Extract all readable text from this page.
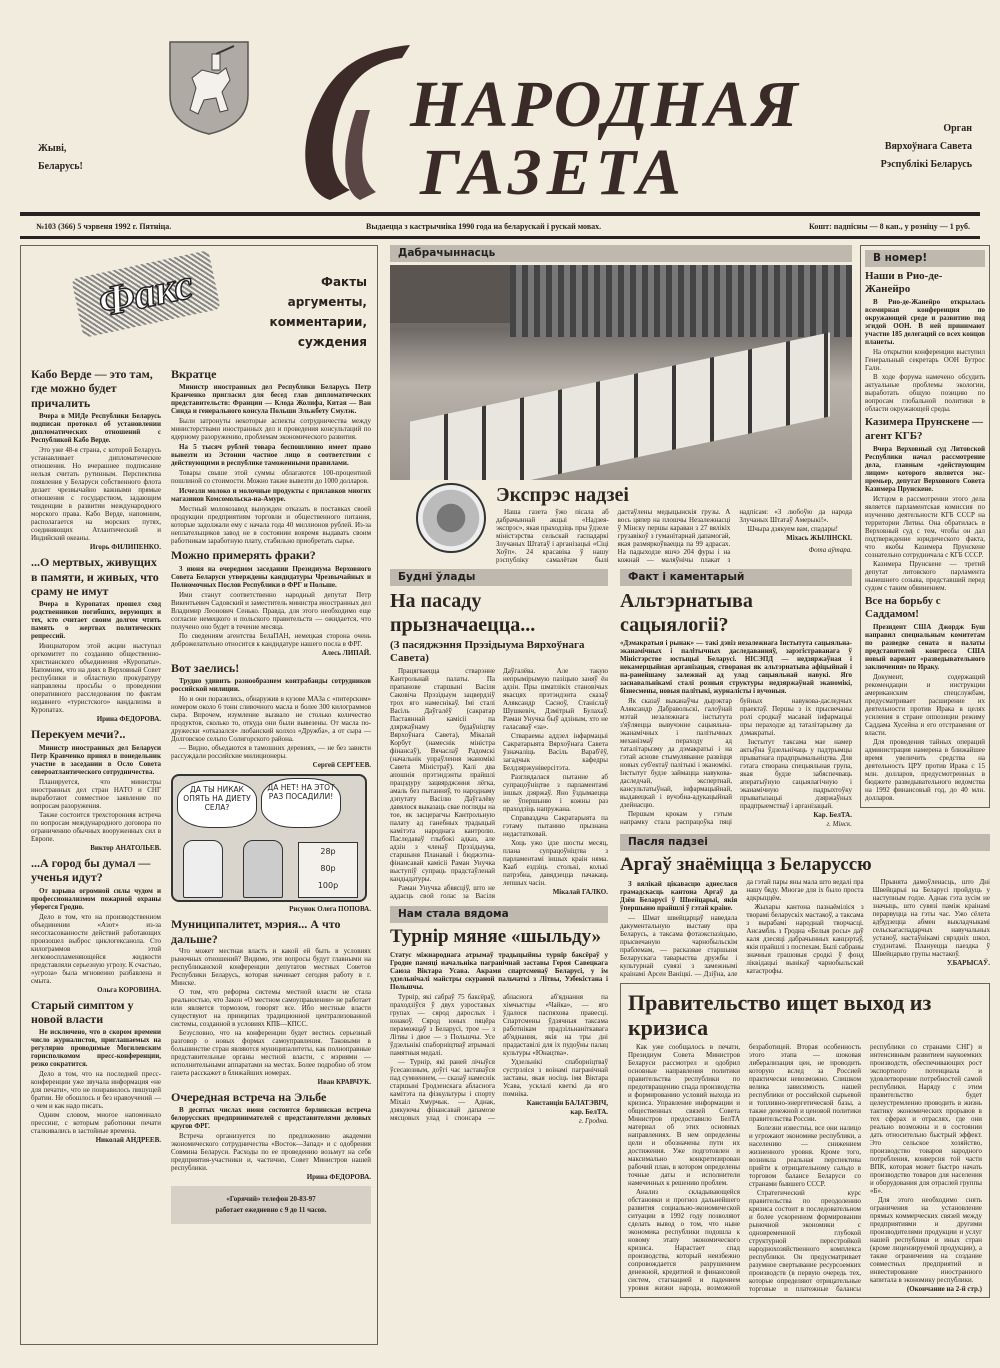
Жыві,
Беларусь!
НАРОДНАЯ
ГАЗЕТА
Орган
Вярхоўнага Савета
Рэспублікі Беларусь
№103 (366) 5 чэрвеня 1992 г. Пятніца.	Выдаецца з кастрычніка 1990 года на беларускай і рускай мовах.	Кошт: падпісны — 8 кап., у розніцу — 1 руб.
Факс	Факты
аргументы,
комментарии,
суждения
Кабо Верде — это там, где можно будет причалить
Вчера в МИДе Республики Беларусь подписан протокол об установлении дипломатических отношений с Республикой Кабо Верде.

Это уже 48-я страна, с которой Беларусь устанавливает дипломатические отношения. Но вчерашнее подписание нельзя считать рутинным. Перспектива появления у Беларуси собственного флота делает чрезвычайно важными прямые отношения с государством, задающим тенденции в развитии международного морского права. Кабо Верде, напомним, располагается на морских путях, соединяющих Атлантический и Индийский океаны.

Игорь ФИЛИПЕНКО.
...О мертвых, живущих в памяти, и живых, что сраму не имут
Вчера в Куропатах прошел сход родственников погибших, верующих и тех, кто считает своим долгом чтить память о жертвах политических репрессий.

Инициатором этой акции выступал оргкомитет по созданию общественно-христианского объединения «Куропаты». Напомним, что на днях в Верховный Совет республики и областную прокуратуру направлены просьбы о проведении оперативного расследования по фактам недавнего «туристского» вандализма в Куропатах.

Ирина ФЕДОРОВА.
Перекуем мечи?..
Министр иностранных дел Беларуси Петр Кравченко принял в понедельник участие в заседании в Осло Совета североатлантического сотрудничества.

Планируется, что министры иностранных дел стран НАТО и СНГ выработают совместное заявление по вопросам разоружения.

Также состоится трехсторонняя встреча по вопросам международного договора по ограничению обычных вооруженных сил в Европе.

Виктор АНАТОЛЬЕВ.
...А город бы думал — ученья идут?
От взрыва огромной силы чудом и профессионализмом пожарной охраны уберегся Гродно.

Дело в том, что на производственном объединении «Азот» из-за несогласованности действий работающих произошел выброс циклогексанола. Сто килограммов этой легковоспламеняющейся жидкости представляли серьезную угрозу. К счастью, «угроза» была мгновенно разбавлена и смыта.

Ольга КОРОВИНА.
Старый симптом у новой власти
Не исключено, что в скором времени число журналистов, приглашаемых на регулярно проводимые Могилевским горисполкомом пресс-конференции, резко сократится.

Дело в том, что на последней пресс-конференции уже звучала информация «не для печати», что не понравилось пишущей братии. Не обошлось и без нравоучений — о чем и как надо писать.

Одним словом, многое напоминало прессинг, с которым работники печати сталкивались в застойные времена.

Николай АНДРЕЕВ.
Вкратце
Министр иностранных дел Республики Беларусь Петр Кравченко пригласил для бесед глав дипломатических представительств: Франции — Клода Жолифа, Китая — Ван Синда и генерального консула Польши Эльжбету Смулэк.

Были затронуты некоторые аспекты сотрудничества между министерствами иностранных дел и проведения консультаций по ядерному разоружению, проблемам экономического развития.

На 5 тысяч рублей товара беспошлинно имеет право вывезти из Эстонии частное лицо в соответствии с действующими в республике таможенными правилами.

Товары свыше этой суммы облагаются 100-процентной пошлиной со стоимости. Можно также вывезти до 1000 долларов.

Исчезли молоко и молочные продукты с прилавков многих магазинов Комсомольска-на-Амуре.

Местный молокозавод вынужден отказать в поставках своей продукции предприятиям торговли и общественного питания, которые задолжали ему с начала года 40 миллионов рублей. Из-за неплательщиков завод не в состоянии вовремя выдавать своим работникам заработную плату, стабильно приобретать сырье.

Можно примерять фраки?
3 июня на очередном заседании Президиума Верховного Совета Беларуси утверждены кандидатуры Чрезвычайных и Полномочных Послов Республики в ФРГ и Польше.

Ими станут соответственно народный депутат Петр Викентьевич Садовский и заместитель министра иностранных дел Владимир Леонович Сенько. Правда, для этого необходимо еще согласие немецкого и польского правительств — ожидается, что получено оно будет в течение месяца.

По сведениям агентства БелаПАН, немецкая сторона очень доброжелательно относится к кандидатуре нашего посла в ФРГ.

Алесь ЛИПАЙ.
Вот заелись!
Трудно удивить разнообразием контрабанды сотрудников российской милиции.

Но и они поразились, обнаружив в кузове МАЗа с «питерским» номером около 6 тонн сливочного масла и более 300 килограммов сыра. Впрочем, изумление вызвало не столько количество продуктов, сколько то, откуда они были вывезены. От масла по-дружески «отказался» любанский колхоз «Дружба», а от сыра — Долговское сельпо Солигорского района.

— Видно, объедаются в тамошних деревнях, — не без зависти рассуждали российские милиционеры.

Сергей СЕРГЕЕВ.
ДА ТЫ НИКАК ОПЯТЬ НА ДИЕТУ СЕЛА?
ДА НЕТ! НА ЭТОТ РАЗ ПОСАДИЛИ!
28р
80р
100р
Рисунок Олега ПОПОВА.
Муниципалитет, мэрия... А что дальше?

Что может местная власть и какой ей быть в условиях рыночных отношений? Видимо, эти вопросы будут главными на республиканской конференции депутатов местных Советов Республики Беларусь, которая начинает сегодня работу в г. Минске.

О том, что реформа системы местной власти не стала реальностью, что Закон «О местном самоуправлении» не работает или является тормозом, говорят все. Ибо местные власти существуют на принципах традиционной централизованной системы, созданной в условиях КПБ—КПСС.

Безусловно, что на конференции будет вестись серьезный разговор о новых формах самоуправления. Таковыми в большинстве стран являются муниципалитеты, как полноправные представительные органы местной власти, с мэриями — исполнительными аппаратами на местах. Более подробно об этом газета расскажет в ближайших номерах.

Иван КРАВЧУК.
Очередная встреча на Эльбе
В десятых числах июня состоится берлинская встреча белорусских предпринимателей с представителями деловых кругов ФРГ.

Встреча организуется по предложению академии экономического сотрудничества «Восток—Запад» и с одобрения Совмина Беларуси. Расходы по ее проведению возьмут на себя предприятия-участники и, частично, Совет Министров нашей республики.

Ирина ФЕДОРОВА.
«Горячий» телефон 20-83-97
работает ежедневно с 9 до 11 часов.
Дабрачыннасць
Экспрэс надзеі

Наша газета ўжо пісала аб дабрачыннай акцыі «Надзея-экспрэс», якая праходзіць пры ўдзеле міністэрства сельскай гаспадаркі Злучаных Штатаў і арганізацыі «Сіці Хоўп». 24 красавіка ў нашу рэспубліку самалётам былі дастаўлены медыцынскія грузы. А вось цяпер на плошчы Незалежнасці ў Мінску першы караван з 27 вялікіх грузавікоў з гуманітарнай дапамогай, якая размяркоўваецца па 99 адрасах. На падыходзе яшчэ 204 фуры і на кожнай — маляўнічы плакат з надпісам: «З любоўю да народа Злучаных Штатаў Амерыкі!».

Шчыра дзякуем вам, спадары!

Міхась ЖЫЛІНСКІ.
Фота аўтара.
В номер!
Наши в Рио-де-Жанейро
В Рио-де-Жанейро открылась всемирная конференция по окружающей среде и развитию под эгидой ООН. В ней принимают участие 185 делегаций со всех концов планеты.

На открытии конференции выступил Генеральный секретарь ООН Бутрос Гали.

В ходе форума намечено обсудить актуальные проблемы экологии, выработать общую позицию по вопросам глобальной политики в области окружающей среды.

Казимера Прунскене — агент КГБ?
Вчера Верховный суд Литовской Республики начал рассмотрение дела, главным «действующим лицом» которого является экс-премьер, депутат Верховного Совета Казимера Прунскене.

Истцом в рассмотрении этого дела является парламентская комиссия по изучению деятельности КГБ СССР на территории Литвы. Она обратилась в Верховный суд с тем, чтобы он дал подтверждение юридического факта, что якобы Казимера Прунскене сознательно сотрудничала с КГБ СССР.

Казимера Прунскене — третий депутат литовского парламента нынешнего созыва, представший перед судом с таким обвинением.

Все на борьбу с Саддамом!
Президент США Джордж Буш направил специальным комитетам по разведке сената и палаты представителей конгресса США новый вариант «разведывательного заключения» по Ираку.

Документ, содержащий рекомендации и инструкции американским спецслужбам, предусматривает расширение их деятельности против Ирака в целях усиления в стране оппозиции режиму Саддама Хусейна и его отстранения от власти.

Для проведения тайных операций администрация намерена в ближайшее время увеличить средства на деятельность ЦРУ против Ирака с 15 млн. долларов, предусмотренных в бюджете разведывательного ведомства на 1992 финансовый год, до 40 млн. долларов.

Будні ўлады
На пасаду прызначаецца...
(З пасяджэння Прэзідыума Вярхоўнага Савета)

Працягваецца стварэнне Кантрольнай палаты. Па прапанове старшыні Васіля Саковіча Прэзідыум зацвердзіў трох яго намеснікаў. Імі сталі Васіль Даўгалёў (сакратар Пастаяннай камісіі па дзяржаўнаму будаўніцтву Вярхоўнага Савета), Мікалай Корбут (намеснік міністра фінансаў), Вячаслаў Радомскі (начальнік упраўлення эканомікі Савета Міністраў). Калі два апошнія прэтэндэнты прайшлі працэдуру зацвярджэння лёгка, амаль без пытанняў, то народнаму дэпутату Васілю Даўгалёву давялося выказаць свае погляды на тое, як засцерагчы Кантрольную палату ад ганебных традыцый камітэта народнага кантролю. Паследаваў глыбокі адказ, але адзін з членаў Прэзідыума, старшыня Планавай і бюджэтна-фінансавай камісіі Раман Унучка выступіў супраць прадстаўленай кандыдатуры.

Раман Унучка абвясціў, што не аддасць свой голас за Васіля Даўгалёва. Але такую непрымірымую пазіцыю заняў ён адзін. Пры шматлікіх становічых якасцях прэтэндэнта сказаў Аляксандр Сасноў, Станіслаў Шушкевіч, Дзмітрый Булахаў. Раман Унучка быў адзіным, хто не галасаваў «за».

Ствараемы аддзел інфармацыі Сакратарыята Вярхоўнага Савета ўзначаліць Васіль Вараб'ёў, загадчык кафедры Белдзяржуніверсітэта.

Разглядалася пытанне аб супрацоўніцтве з парламентамі іншых дзяржаў. Яно ўздымаецца не ўпершыню і кожны раз праходзіць напружана.

Справаздача Сакратарыята па гэтаму пытанню прызнана недастатковай.

Хоць ужо ідзе шосты месяц, плана супрацоўніцтва з парламентамі іншых краін няма. Кааб ездзіць столькі, колькі патрэбна, давядзецца пачакаць лепшых часін.

Мікалай ГАЛКО.
Нам стала вядома
Турнір мяняе «шыльду»
Статус міжнароднага атрымаў традыцыйны турнір баксёраў у Гродне памяці начальніка пагранічнай заставы Героя Савецкага Саюза Віктара Усава. Акрамя спартсменаў Беларусі, у ім удзельнічалі майстры скураной пальчаткі з Літвы, Узбекістана і Польшчы.

Турнір, які сабраў 75 баксёраў, праходзіўся ў двух узроставых групах — сярод дарослых і юнакоў. Сярод юных пяцёра пераможцаў з Беларусі, трое — з Літвы і двое — з Польшчы. Усе ўдзельнікі спаборніцтваў атрымалі памятныя медалі.

— Турнір, які раней лічыўся ўсесаюзным, доўгі час заставаўся пад сумненнем, — сказаў намеснік старшыні Гродзенскага абласнога камітэта па фізкультуры і спорту Міхаіл Хмурчык. — Аднак, дзякуючы фінансавай дапамозе мясцовых улад і спонсара — абласнога аб'яднання па хімчыстцы «Чайка», — яго ўдалося паспяхова правесці. Спартсмены ўдзячныя таксама работнікам прадзільнаніткавага аб'яднання, якія на тры дні прадаставілі для іх пудоўны палац культуры «Юнацтва».

Удзельнікі спаборніцтваў сустрэліся з воінамі пагранічнай заставы, якая носіць імя Віктара Усава, усклалі кветкі да яго помніка.

Канстанцін БАЛАТЭВІЧ,
кар. БелТА.
г. Гродна.
Факт і каментарый
Альтэрнатыва сацыялогіі?
«Дэмакратыя і рынак» — такі дэвіз незалежнага Інстытута сацыяльна-эканамічных і палітычных даследаванняў, зарэгістраванага ў Міністэрстве юстыцыі Беларусі. НІСЭПД — недзяржаўная і некамерцыйная арганізацыя, створаная як альтэрнатыва афіцыйнай і па-ранейшаму залежнай ад улад сацыяльнай навукі. Яго заснавальнікамі сталі розныя структуры недзяржаўнай эканомікі, бізнесмены, новыя палітыкі, журналісты і вучоныя.

Як сказаў выканаўчы дырэктар Аляксандр Дабравольскі, галоўнай мэтай незалежнага інстытута з'яўляецца вывучэнне сацыяльна-эканамічных і палітычных механізмаў пераходу ад таталітарызму да дэмакратыі і на гэтай аснове стымуляванне развіцця новых суб'ектаў палітыкі і эканомікі. Інстытут будзе займацца навукова-даследчай, экспертнай, кансультатыўнай, інфармацыйнай, выдавецкай і вучэбна-адукацыйнай дзейнасцю.

Першым крокам у гэтым напрамку стала распрацоўка пяці буйных навукова-даследчых праектаў. Першы з іх прысвечаны ролі сродкаў масавай інфармацыі пры пераходзе ад таталітарызму да дэмакратыі.

Інстытут таксама мае намер актыўна ўдзельнічаць у падтрымцы прыватнага прадпрымальніцтва. Для гэтага створана спецыяльная група, якая будзе забяспечваць аператыўную сацыялагічную і эканамічную падрыхтоўку прыватызацыі дзяржаўных прадпрыемстваў і арганізацый.

Кар. БелТА.
г. Мінск.
Пасля падзеі
Аргаў знаёміцца з Беларуссю
З вялікай цікавасцю аднеслася грамадскасць кантона Аргаў да Дзён Беларусі ў Швейцарыі, якія ўпершыню прайшлі ў гэтай краіне.

— Шмат швейцарцаў наведала дакументальную выставу пра Беларусь, а таксама фотаэкспазіцыю, прысвечаную чарнобыльскім праблемам, — расказвае старшыня Беларускага таварыства дружбы і культурнай сувязі з замежнымі краінамі Арсен Ваніцкі. — Дзіўна, але да гэтай пары яны мала што ведалі пра нашу бяду. Многае для іх было проста адкрыццём.

Жыхары кантона пазнаёміліся з творамі беларускіх мастакоў, а таксама з вырабамі народнай творчасці. Ансамбль з Гродна «Белыя росы» даў каля дзесяці дабрачынных канцэртаў, якія прайшлі з поспехам. Былі сабраны значныя грашовыя сродкі ў фонд ліквідацыі вынікаў чарнобыльскай катастрофы.

Прынята дамоўленасць, што Дні Швейцарыі на Беларусі пройдуць у наступным годзе. Аднак гэта зусім не значыць, што сувязі паміж краінамі перарвуцца на гэты час. Ужо сёлета адбудзецца абмен выкладчыкамі сельскагаспадарчых навучальных устаноў, настаўнікамі сярэдніх школ, студэнтамі. Плануецца паездка ў Швейцарыю групы мастакоў.

У.БАРЫСАЎ.
Правительство ищет выход из кризиса

Как уже сообщалось в печати, Президиум Совета Министров Беларуси рассмотрел и одобрил основные направления политики правительства республики по предотвращению спада производства и формированию условий выхода из кризиса. Управление информации и общественных связей Совета Министров предоставило БелТА материал об этих основных направлениях. В нем определены цели и обозначены пути их достижения. Уже подготовлен и максимально конкретизирован рабочий план, в котором определены точные даты и исполнители намеченных к решению проблем.

Анализ складывающейся обстановки и прогноз дальнейшего развития социально-экономической ситуации в 1992 году позволяют сделать вывод о том, что ныне экономика республики подошла к новому этапу экономического кризиса. Нарастает спад производства, который неизбежно сопровождается разрушением денежной, кредитной и финансовой систем, стагнацией и падением уровня жизни народа, возможной безработицей. Вторая особенность этого этапа — шоковая либерализация цен, не проводить которую вслед за Россией практически невозможно. Слишком велика зависимость нашей республики от российской сырьевой и топливно-энергетической базы, а также денежной и ценовой политики правительства России.

Болезни известны, все они налицо и угрожают экономике республики, а населению — снижением жизненного уровня. Кроме того, возникла реальная перспектива прийти к отрицательному сальдо в торговом балансе Беларуси со странами бывшего СССР.

Стратегический курс правительства по преодолению кризиса состоит в последовательном и более ускоренном формировании рыночной экономики с одновременной глубокой структурной перестройкой народнохозяйственного комплекса республики. Он предусматривает разумное свертывание ресурсоемких производств (в первую очередь тех, которые определяют отрицательные торговые и платежные балансы республики со странами СНГ) и интенсивным развитием наукоемких производств, обеспечивающих рост экспортного потенциала и удовлетворение потребностей самой республики. Наряду с этим правительство будет целеустремленно проводить в жизнь тактику экономических прорывов в тех сферах и отраслях, где они реально возможны и в состоянии дать относительно быстрый эффект. Это сельское хозяйство, производство товаров народного потребления, конверсия той части ВПК, которая может быстро начать производство товаров для населения и оборудования для отраслей группы «Б».

Для этого необходимо снять ограничения на установление прямых коммерческих связей между предприятиями и другими производителями продукции и услуг нашей республики и иных стран (кроме лицензируемой продукции), а также ограничения на создание совместных предприятий и инвестирование иностранного капитала в экономику республики.

(Окончание на 2-й стр.)
